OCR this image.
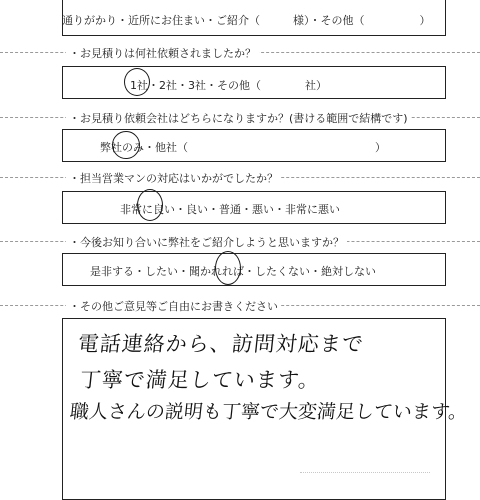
通りがかり・近所にお住まい・ご紹介（　　　様）・その他（　　　　　）
・お見積りは何社依頼されましたか？
1社・2社・3社・その他（　　　　社）
・お見積り依頼会社はどちらになりますか？(書ける範囲で結構です)
弊社のみ・他社（　　　　　　　　　　　　　　　　　）
・担当営業マンの対応はいかがでしたか？
非常に良い・良い・普通・悪い・非常に悪い
・今後お知り合いに弊社をご紹介しようと思いますか？
是非する・したい・聞かれれば・したくない・絶対しない
・その他ご意見等ご自由にお書きください
電話連絡から、訪問対応まで
丁寧で満足しています。
職人さんの説明も丁寧で大変満足しています。
